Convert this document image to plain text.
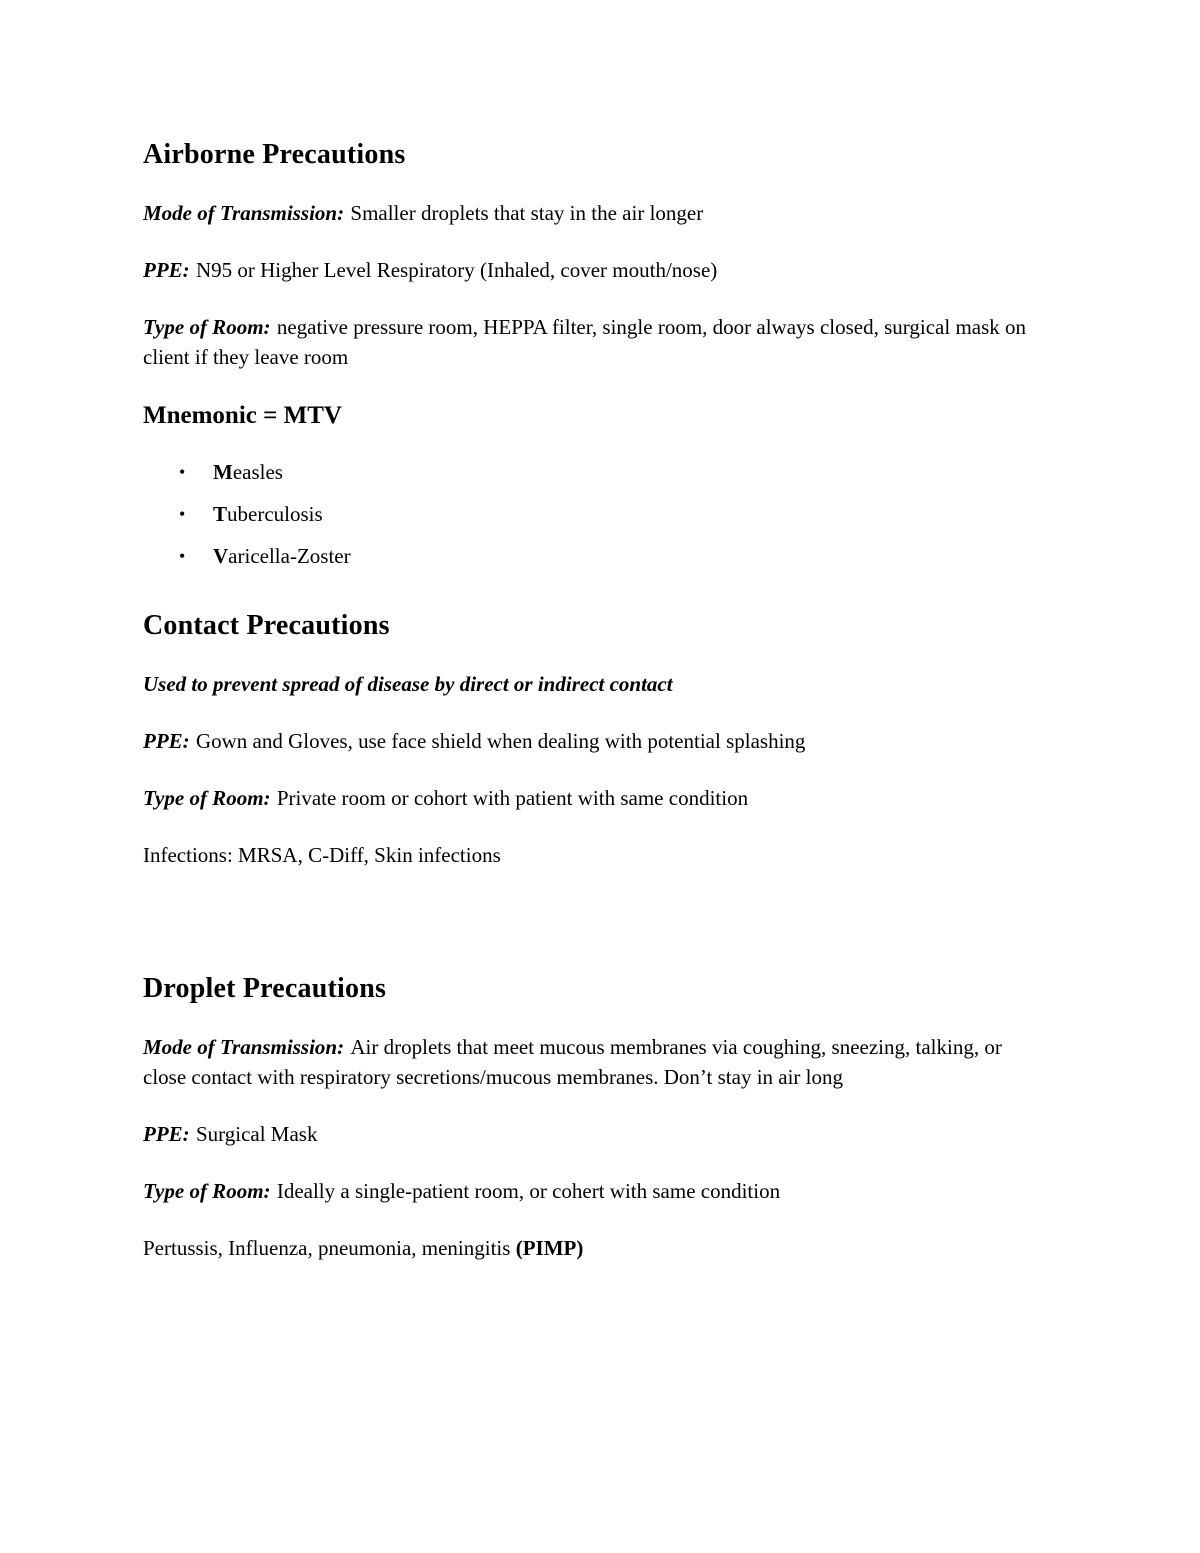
Airborne Precautions

Mode of Transmission: Smaller droplets that stay in the air longer

PPE: N95 or Higher Level Respiratory (Inhaled, cover mouth/nose)

Type of Room: negative pressure room, HEPPA filter, single room, door always closed, surgical mask on client if they leave room

Mnemonic = MTV
•	Measles
•	Tuberculosis
•	Varicella-Zoster
Contact Precautions

Used to prevent spread of disease by direct or indirect contact

PPE: Gown and Gloves, use face shield when dealing with potential splashing

Type of Room: Private room or cohort with patient with same condition

Infections: MRSA, C-Diff, Skin infections

Droplet Precautions

Mode of Transmission: Air droplets that meet mucous membranes via coughing, sneezing, talking, or close contact with respiratory secretions/mucous membranes. Don’t stay in air long

PPE: Surgical Mask

Type of Room: Ideally a single-patient room, or cohert with same condition

Pertussis, Influenza, pneumonia, meningitis (PIMP)
